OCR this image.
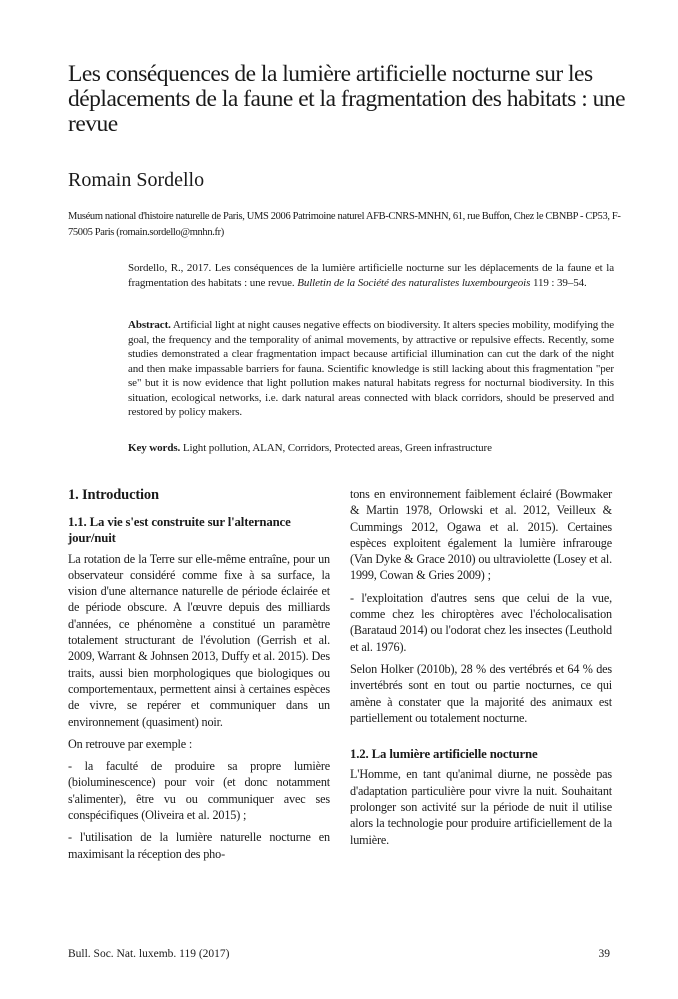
Les conséquences de la lumière artificielle nocturne sur les déplacements de la faune et la fragmentation des habitats : une revue
Romain Sordello
Muséum national d'histoire naturelle de Paris, UMS 2006 Patrimoine naturel AFB-CNRS-MNHN, 61, rue Buffon, Chez le CBNBP - CP53, F-75005 Paris (romain.sordello@mnhn.fr)
Sordello, R., 2017. Les conséquences de la lumière artificielle nocturne sur les déplacements de la faune et la fragmentation des habitats : une revue. Bulletin de la Société des naturalistes luxembourgeois 119 : 39–54.
Abstract. Artificial light at night causes negative effects on biodiversity. It alters species mobility, modifying the goal, the frequency and the temporality of animal movements, by attractive or repulsive effects. Recently, some studies demonstrated a clear fragmentation impact because artificial illumination can cut the dark of the night and then make impassable barriers for fauna. Scientific knowledge is still lacking about this fragmentation "per se" but it is now evidence that light pollution makes natural habitats regress for nocturnal biodiversity. In this situation, ecological networks, i.e. dark natural areas connected with black corridors, should be preserved and restored by policy makers.
Key words. Light pollution, ALAN, Corridors, Protected areas, Green infrastructure
1. Introduction
1.1. La vie s'est construite sur l'alternance jour/nuit

La rotation de la Terre sur elle-même entraîne, pour un observateur considéré comme fixe à sa surface, la vision d'une alternance naturelle de période éclairée et de période obscure. A l'œuvre depuis des milliards d'années, ce phénomène a constitué un paramètre totalement structurant de l'évolution (Gerrish et al. 2009, Warrant & Johnsen 2013, Duffy et al. 2015). Des traits, aussi bien morphologiques que biologiques ou comportementaux, permettent ainsi à certaines espèces de vivre, se repérer et communiquer dans un environnement (quasiment) noir.

On retrouve par exemple :

- la faculté de produire sa propre lumière (bioluminescence) pour voir (et donc notamment s'alimenter), être vu ou communiquer avec ses conspécifiques (Oliveira et al. 2015) ;

- l'utilisation de la lumière naturelle nocturne en maximisant la réception des pho-

tons en environnement faiblement éclairé (Bowmaker & Martin 1978, Orlowski et al. 2012, Veilleux & Cummings 2012, Ogawa et al. 2015). Certaines espèces exploitent également la lumière infrarouge (Van Dyke & Grace 2010) ou ultraviolette (Losey et al. 1999, Cowan & Gries 2009) ;

- l'exploitation d'autres sens que celui de la vue, comme chez les chiroptères avec l'écholocalisation (Barataud 2014) ou l'odorat chez les insectes (Leuthold et al. 1976).

Selon Holker (2010b), 28 % des vertébrés et 64 % des invertébrés sont en tout ou partie nocturnes, ce qui amène à constater que la majorité des animaux est partiellement ou totalement nocturne.

1.2. La lumière artificielle nocturne

L'Homme, en tant qu'animal diurne, ne possède pas d'adaptation particulière pour vivre la nuit. Souhaitant prolonger son activité sur la période de nuit il utilise alors la technologie pour produire artificiellement de la lumière.

Bull. Soc. Nat. luxemb. 119 (2017)	39
